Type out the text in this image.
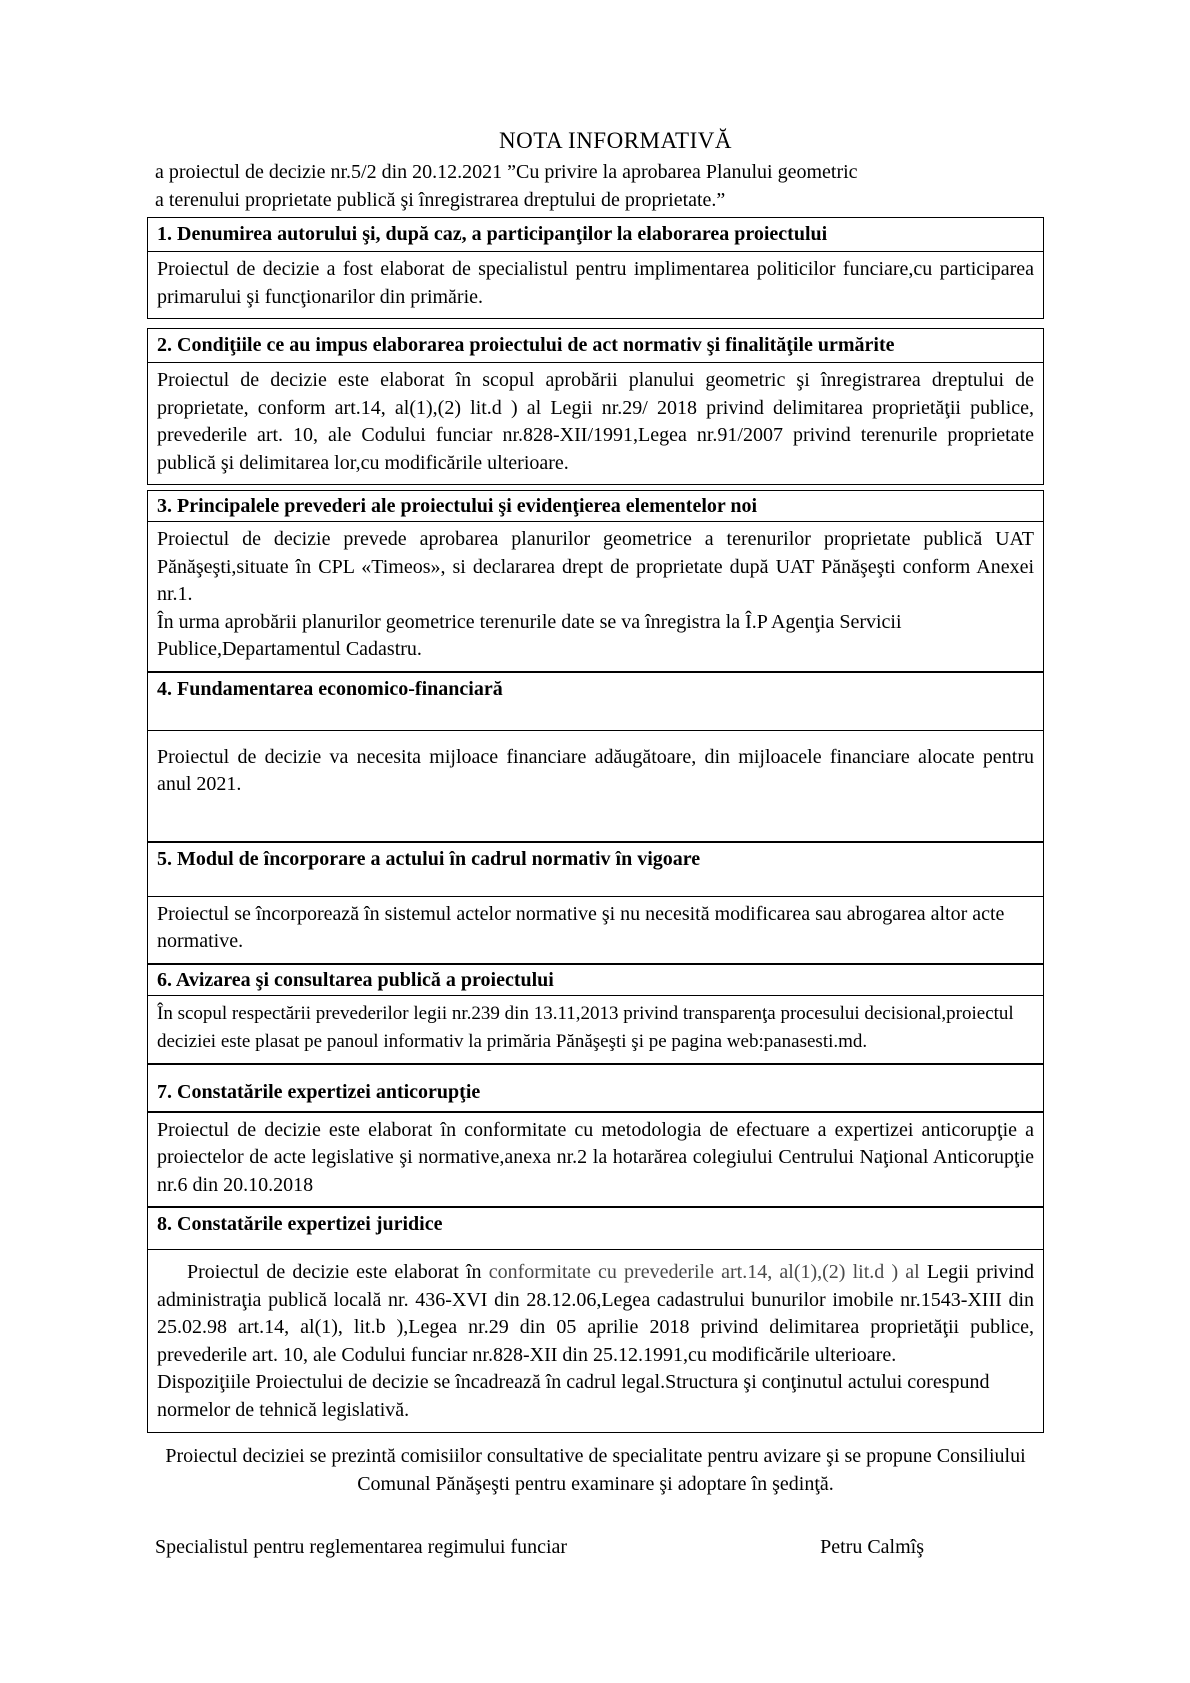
NOTA INFORMATIVĂ
a proiectul de decizie nr.5/2 din 20.12.2021 ”Cu privire la aprobarea Planului geometric
a terenului proprietate publică şi înregistrarea dreptului de proprietate.”
1. Denumirea autorului şi, după caz, a participanţilor la elaborarea proiectului

Proiectul de decizie a fost elaborat de specialistul pentru implimentarea politicilor funciare,cu participarea primarului şi funcţionarilor din primărie.

2. Condiţiile ce au impus elaborarea proiectului de act normativ şi finalităţile urmărite

Proiectul de decizie este elaborat în scopul aprobării planului geometric şi înregistrarea dreptului de proprietate, conform art.14, al(1),(2) lit.d ) al Legii nr.29/ 2018 privind delimitarea proprietăţii publice, prevederile art. 10, ale Codului funciar nr.828-XII/1991,Legea nr.91/2007 privind terenurile proprietate publică şi delimitarea lor,cu modificările ulterioare.

3. Principalele prevederi ale proiectului şi evidenţierea elementelor noi

Proiectul de decizie prevede aprobarea planurilor geometrice a terenurilor proprietate publică UAT Pănăşeşti,situate în CPL «Timeos», si declararea drept de proprietate după UAT Pănăşeşti conform Anexei nr.1.

În urma aprobării planurilor geometrice terenurile date se va înregistra la Î.P Agenţia Servicii Publice,Departamentul Cadastru.

4. Fundamentarea economico-financiară

Proiectul de decizie va necesita mijloace financiare adăugătoare, din mijloacele financiare alocate pentru anul 2021.

5. Modul de încorporare a actului în cadrul normativ în vigoare

Proiectul se încorporează în sistemul actelor normative şi nu necesită modificarea sau abrogarea altor acte normative.

6. Avizarea şi consultarea publică a proiectului

În scopul respectării prevederilor legii nr.239 din 13.11,2013 privind transparenţa procesului decisional,proiectul deciziei este plasat pe panoul informativ la primăria Pănăşeşti şi pe pagina web:panasesti.md.

7. Constatările expertizei anticorupţie

Proiectul de decizie este elaborat în conformitate cu metodologia de efectuare a expertizei anticorupţie a proiectelor de acte legislative şi normative,anexa nr.2 la hotarărea colegiului Centrului Naţional Anticorupţie nr.6 din 20.10.2018

8. Constatările expertizei juridice

Proiectul de decizie este elaborat în conformitate cu prevederile art.14, al(1),(2) lit.d ) al Legii privind administraţia publică locală nr. 436-XVI din 28.12.06,Legea cadastrului bunurilor imobile nr.1543-XIII din 25.02.98 art.14, al(1), lit.b ),Legea nr.29 din 05 aprilie 2018 privind delimitarea proprietăţii publice, prevederile art. 10, ale Codului funciar nr.828-XII din 25.12.1991,cu modificările ulterioare.

Dispoziţiile Proiectului de decizie se încadrează în cadrul legal.Structura şi conţinutul actului corespund normelor de tehnică legislativă.

Proiectul deciziei se prezintă comisiilor consultative de specialitate pentru avizare şi se propune Consiliului Comunal Pănăşeşti pentru examinare şi adoptare în şedinţă.
Specialistul pentru reglementarea regimului funciar	Petru Calmîş
